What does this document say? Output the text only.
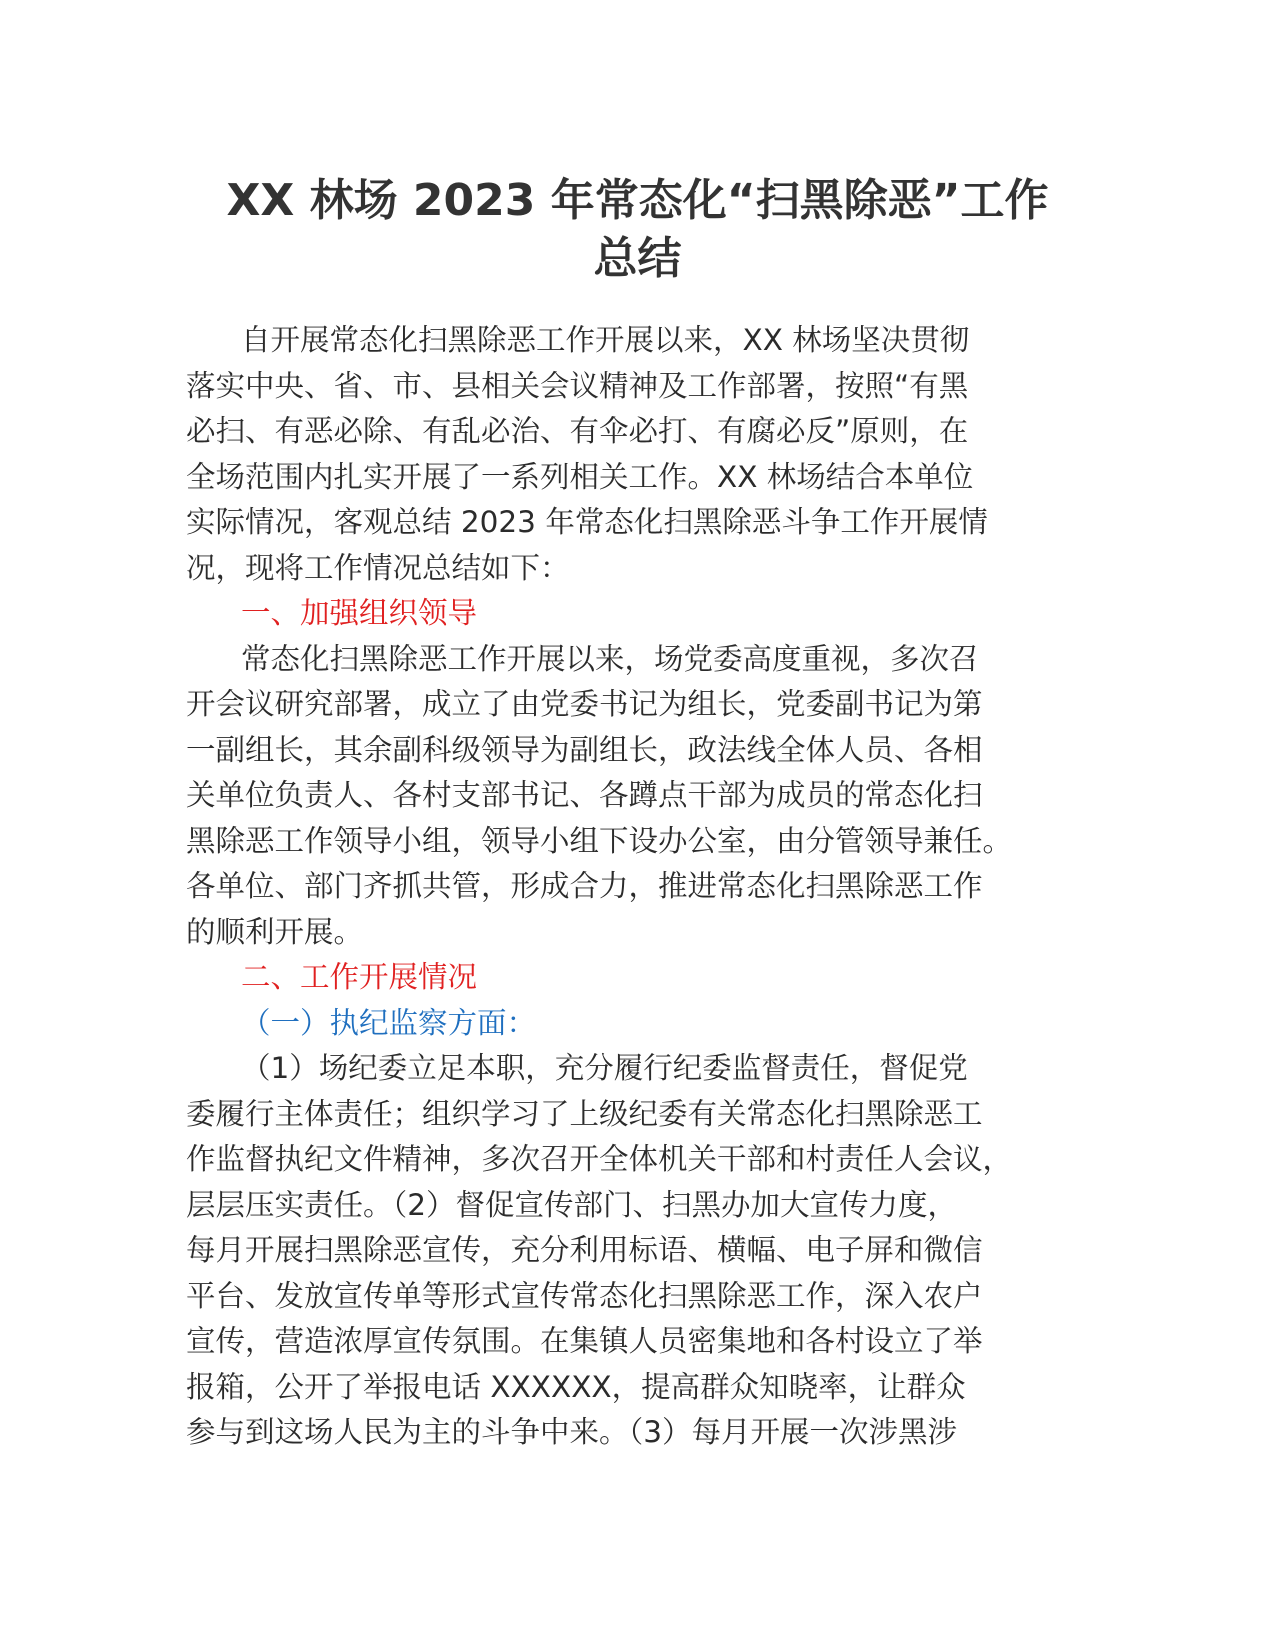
XX 林场 2023 年常态化“扫黑除恶”工作
总结
自开展常态化扫黑除恶工作开展以来，XX 林场坚决贯彻
落实中央、省、市、县相关会议精神及工作部署，按照“有黑
必扫、有恶必除、有乱必治、有伞必打、有腐必反”原则，在
全场范围内扎实开展了一系列相关工作。XX 林场结合本单位
实际情况，客观总结 2023 年常态化扫黑除恶斗争工作开展情
况，现将工作情况总结如下：
一、加强组织领导
常态化扫黑除恶工作开展以来，场党委高度重视，多次召
开会议研究部署，成立了由党委书记为组长，党委副书记为第
一副组长，其余副科级领导为副组长，政法线全体人员、各相
关单位负责人、各村支部书记、各蹲点干部为成员的常态化扫
黑除恶工作领导小组，领导小组下设办公室，由分管领导兼任。
各单位、部门齐抓共管，形成合力，推进常态化扫黑除恶工作
的顺利开展。
二、工作开展情况
（一）执纪监察方面：
（1）场纪委立足本职，充分履行纪委监督责任，督促党
委履行主体责任；组织学习了上级纪委有关常态化扫黑除恶工
作监督执纪文件精神，多次召开全体机关干部和村责任人会议，
层层压实责任。（2）督促宣传部门、扫黑办加大宣传力度，
每月开展扫黑除恶宣传，充分利用标语、横幅、电子屏和微信
平台、发放宣传单等形式宣传常态化扫黑除恶工作，深入农户
宣传，营造浓厚宣传氛围。在集镇人员密集地和各村设立了举
报箱，公开了举报电话 XXXXXX，提高群众知晓率，让群众
参与到这场人民为主的斗争中来。（3）每月开展一次涉黑涉
